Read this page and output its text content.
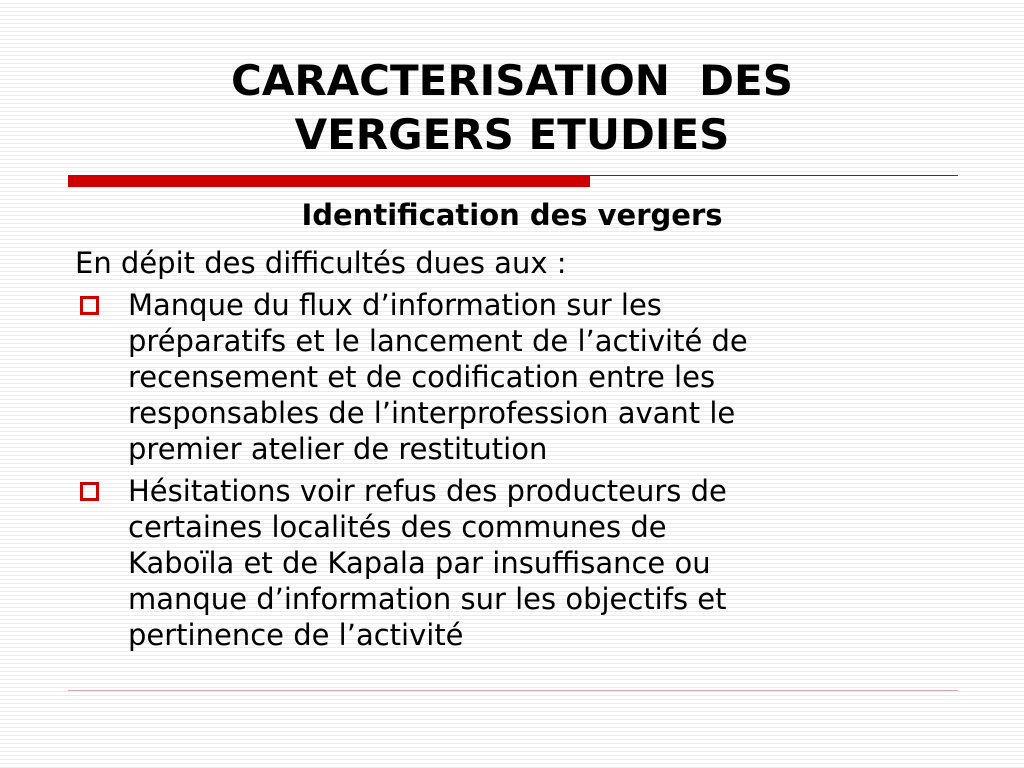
CARACTERISATION  DES
VERGERS ETUDIES
Identification des vergers

En dépit des difficultés dues aux :

Manque du flux d’information sur les
préparatifs et le lancement de l’activité de
recensement et de codification entre les
responsables de l’interprofession avant le
premier atelier de restitution
Hésitations voir refus des producteurs de
certaines localités des communes de
Kaboïla et de Kapala par insuffisance ou
manque d’information sur les objectifs et
pertinence de l’activité
